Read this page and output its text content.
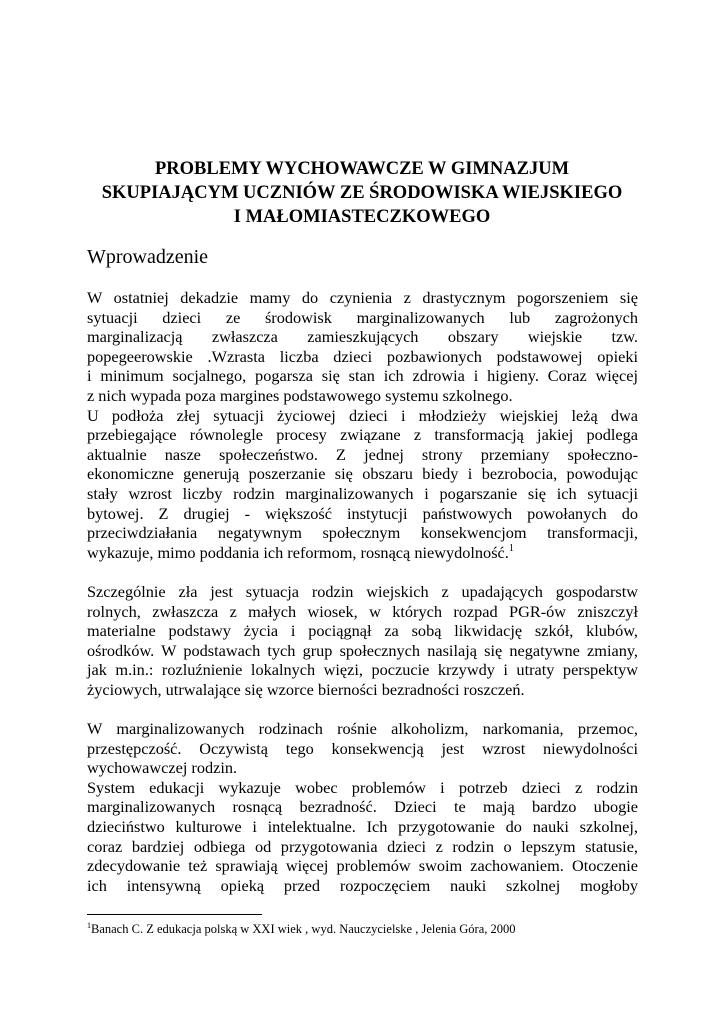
PROBLEMY WYCHOWAWCZE W GIMNAZJUM
SKUPIAJĄCYM UCZNIÓW ZE ŚRODOWISKA WIEJSKIEGO
I MAŁOMIASTECZKOWEGO
Wprowadzenie
W ostatniej dekadzie mamy do czynienia z drastycznym pogorszeniem się
sytuacji dzieci ze środowisk marginalizowanych lub zagrożonych
marginalizacją zwłaszcza zamieszkujących obszary wiejskie tzw.
popegeerowskie .Wzrasta liczba dzieci pozbawionych podstawowej opieki
i minimum socjalnego, pogarsza się stan ich zdrowia i higieny. Coraz więcej
z nich wypada poza margines podstawowego systemu szkolnego.
U podłoża złej sytuacji życiowej dzieci i młodzieży wiejskiej leżą dwa
przebiegające równolegle procesy związane z transformacją jakiej podlega
aktualnie nasze społeczeństwo. Z jednej strony przemiany społeczno-
ekonomiczne generują poszerzanie się obszaru biedy i bezrobocia, powodując
stały wzrost liczby rodzin marginalizowanych i pogarszanie się ich sytuacji
bytowej. Z drugiej - większość instytucji państwowych powołanych do
przeciwdziałania negatywnym społecznym konsekwencjom transformacji,
wykazuje, mimo poddania ich reformom, rosnącą niewydolność.$^1$
Szczególnie zła jest sytuacja rodzin wiejskich z upadających gospodarstw
rolnych, zwłaszcza z małych wiosek, w których rozpad PGR-ów zniszczył
materialne podstawy życia i pociągnął za sobą likwidację szkół, klubów,
ośrodków. W podstawach tych grup społecznych nasilają się negatywne zmiany,
jak m.in.: rozluźnienie lokalnych więzi, poczucie krzywdy i utraty perspektyw
życiowych, utrwalające się wzorce bierności bezradności roszczeń.
W marginalizowanych rodzinach rośnie alkoholizm, narkomania, przemoc,
przestępczość. Oczywistą tego konsekwencją jest wzrost niewydolności
wychowawczej rodzin.
System edukacji wykazuje wobec problemów i potrzeb dzieci z rodzin
marginalizowanych rosnącą bezradność. Dzieci te mają bardzo ubogie
dzieciństwo kulturowe i intelektualne. Ich przygotowanie do nauki szkolnej,
coraz bardziej odbiega od przygotowania dzieci z rodzin o lepszym statusie,
zdecydowanie też sprawiają więcej problemów swoim zachowaniem. Otoczenie
ich intensywną opieką przed rozpoczęciem nauki szkolnej mogłoby
$^1$Banach C. Z edukacja polską w XXI wiek , wyd. Nauczycielske , Jelenia Góra, 2000
